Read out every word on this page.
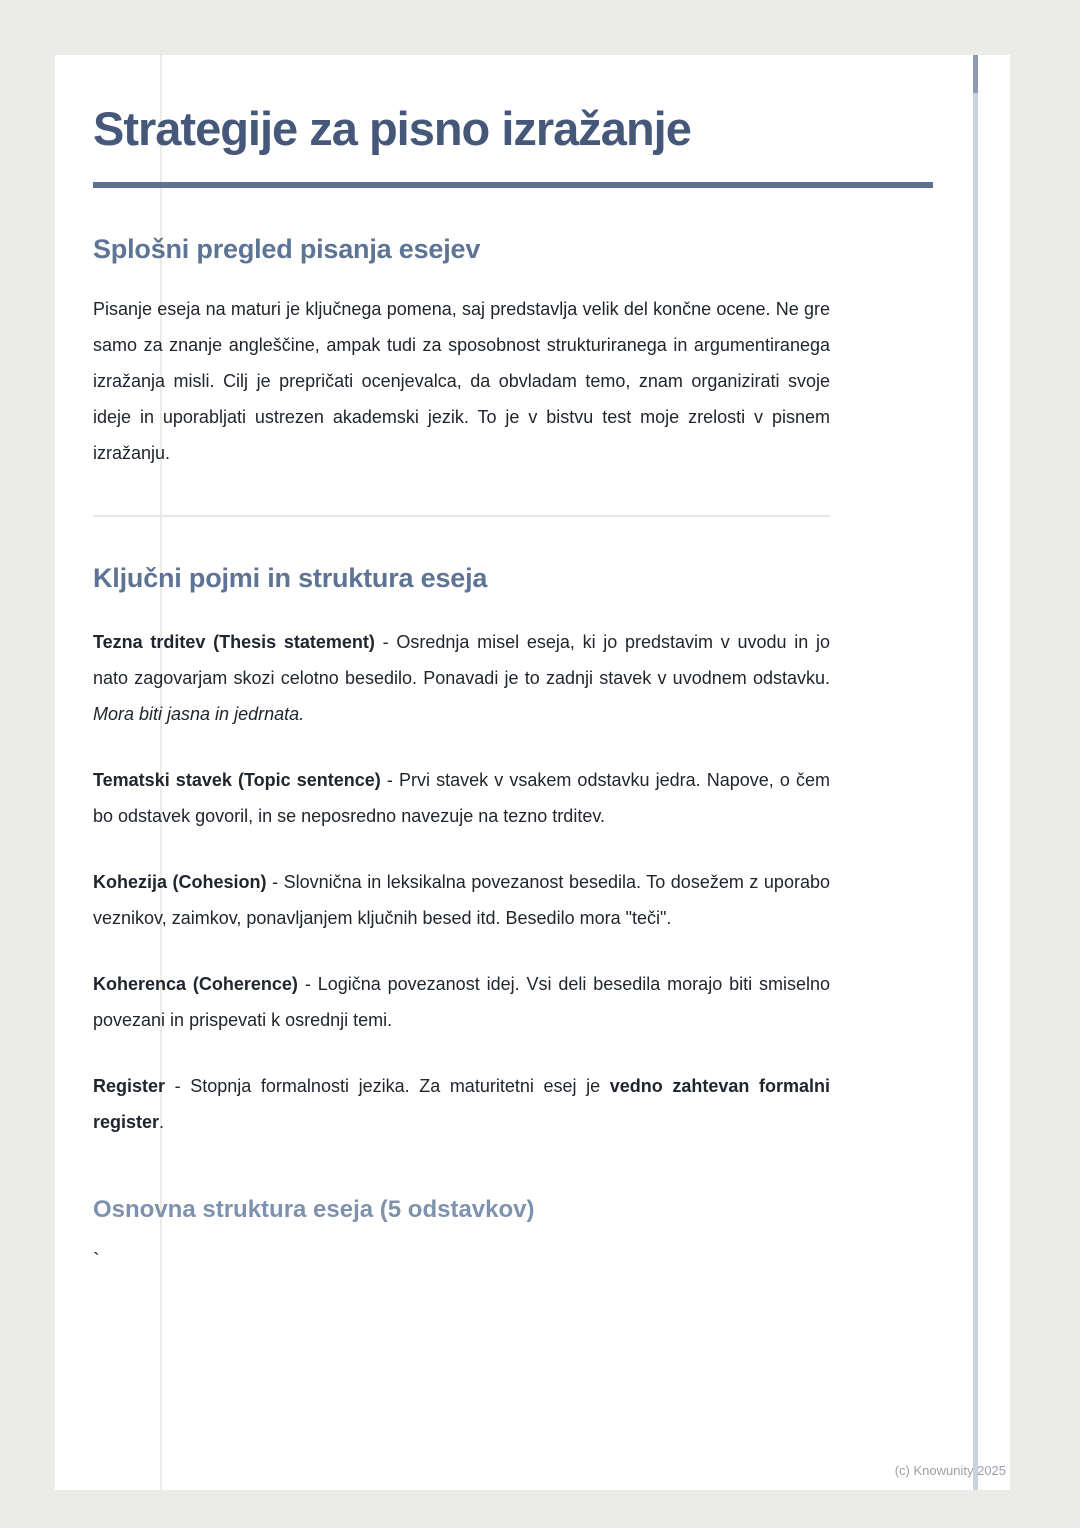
Strategije za pisno izražanje
Splošni pregled pisanja esejev

Pisanje eseja na maturi je ključnega pomena, saj predstavlja velik del končne ocene. Ne gre samo za znanje angleščine, ampak tudi za sposobnost strukturiranega in argumentiranega izražanja misli. Cilj je prepričati ocenjevalca, da obvladam temo, znam organizirati svoje ideje in uporabljati ustrezen akademski jezik. To je v bistvu test moje zrelosti v pisnem izražanju.

Ključni pojmi in struktura eseja

Tezna trditev (Thesis statement) - Osrednja misel eseja, ki jo predstavim v uvodu in jo nato zagovarjam skozi celotno besedilo. Ponavadi je to zadnji stavek v uvodnem odstavku. Mora biti jasna in jedrnata.

Tematski stavek (Topic sentence) - Prvi stavek v vsakem odstavku jedra. Napove, o čem bo odstavek govoril, in se neposredno navezuje na tezno trditev.

Kohezija (Cohesion) - Slovnična in leksikalna povezanost besedila. To dosežem z uporabo veznikov, zaimkov, ponavljanjem ključnih besed itd. Besedilo mora "teči".

Koherenca (Coherence) - Logična povezanost idej. Vsi deli besedila morajo biti smiselno povezani in prispevati k osrednji temi.

Register - Stopnja formalnosti jezika. Za maturitetni esej je vedno zahtevan formalni register.

Osnovna struktura eseja (5 odstavkov)
`
(c) Knowunity 2025
